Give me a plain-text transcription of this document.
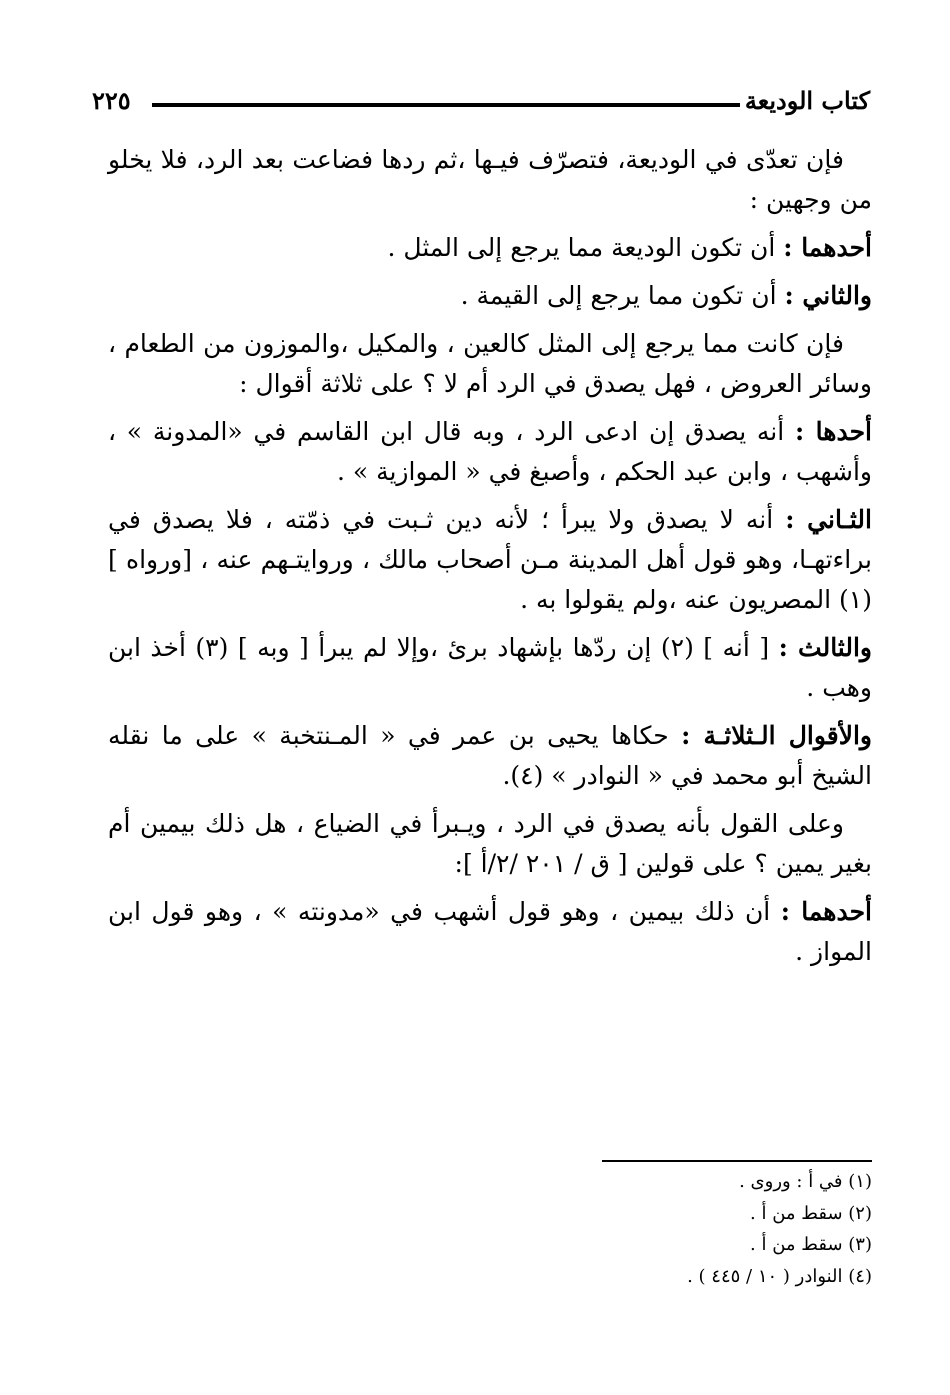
كتاب الوديعة
٢٢٥

فإن تعدّى في الوديعة، فتصرّف فيـها ،ثم ردها فضاعت بعد الرد، فلا يخلو من وجهين :

أحدهما : أن تكون الوديعة مما يرجع إلى المثل .

والثاني : أن تكون مما يرجع إلى القيمة .

فإن كانت مما يرجع إلى المثل كالعين ، والمكيل ،والموزون من الطعام ، وسائر العروض ، فهل يصدق في الرد أم لا ؟ على ثلاثة أقوال :

أحدها : أنه يصدق إن ادعى الرد ، وبه قال ابن القاسم في «المدونة » ، وأشهب ، وابن عبد الحكم ، وأصبغ في « الموازية » .

الثـاني : أنه لا يصدق ولا يبرأ ؛ لأنه دين ثـبت في ذمّته ، فلا يصدق في براءتهـا، وهو قول أهل المدينة مـن أصحاب مالك ، وروايتـهم عنه ، [ورواه ] (١) المصريون عنه ،ولم يقولوا به .

والثالث : [ أنه ] (٢) إن ردّها بإشهاد برئ ،وإلا لم يبرأ [ وبه ] (٣) أخذ ابن وهب .

والأقوال الـثلاثـة : حكاها يحيى بن عمر في « المـنتخبة » على ما نقله الشيخ أبو محمد في « النوادر » (٤).

وعلى القول بأنه يصدق في الرد ، ويـبرأ في الضياع ، هل ذلك بيمين أم بغير يمين ؟ على قولين [ ق / ٢٠١ /٢/أ ]:

أحدهما : أن ذلك بيمين ، وهو قول أشهب في «مدونته » ، وهو قول ابن المواز .

(١) في أ : وروى .

(٢) سقط من أ .

(٣) سقط من أ .

(٤) النوادر ( ١٠ / ٤٤٥ ) .
